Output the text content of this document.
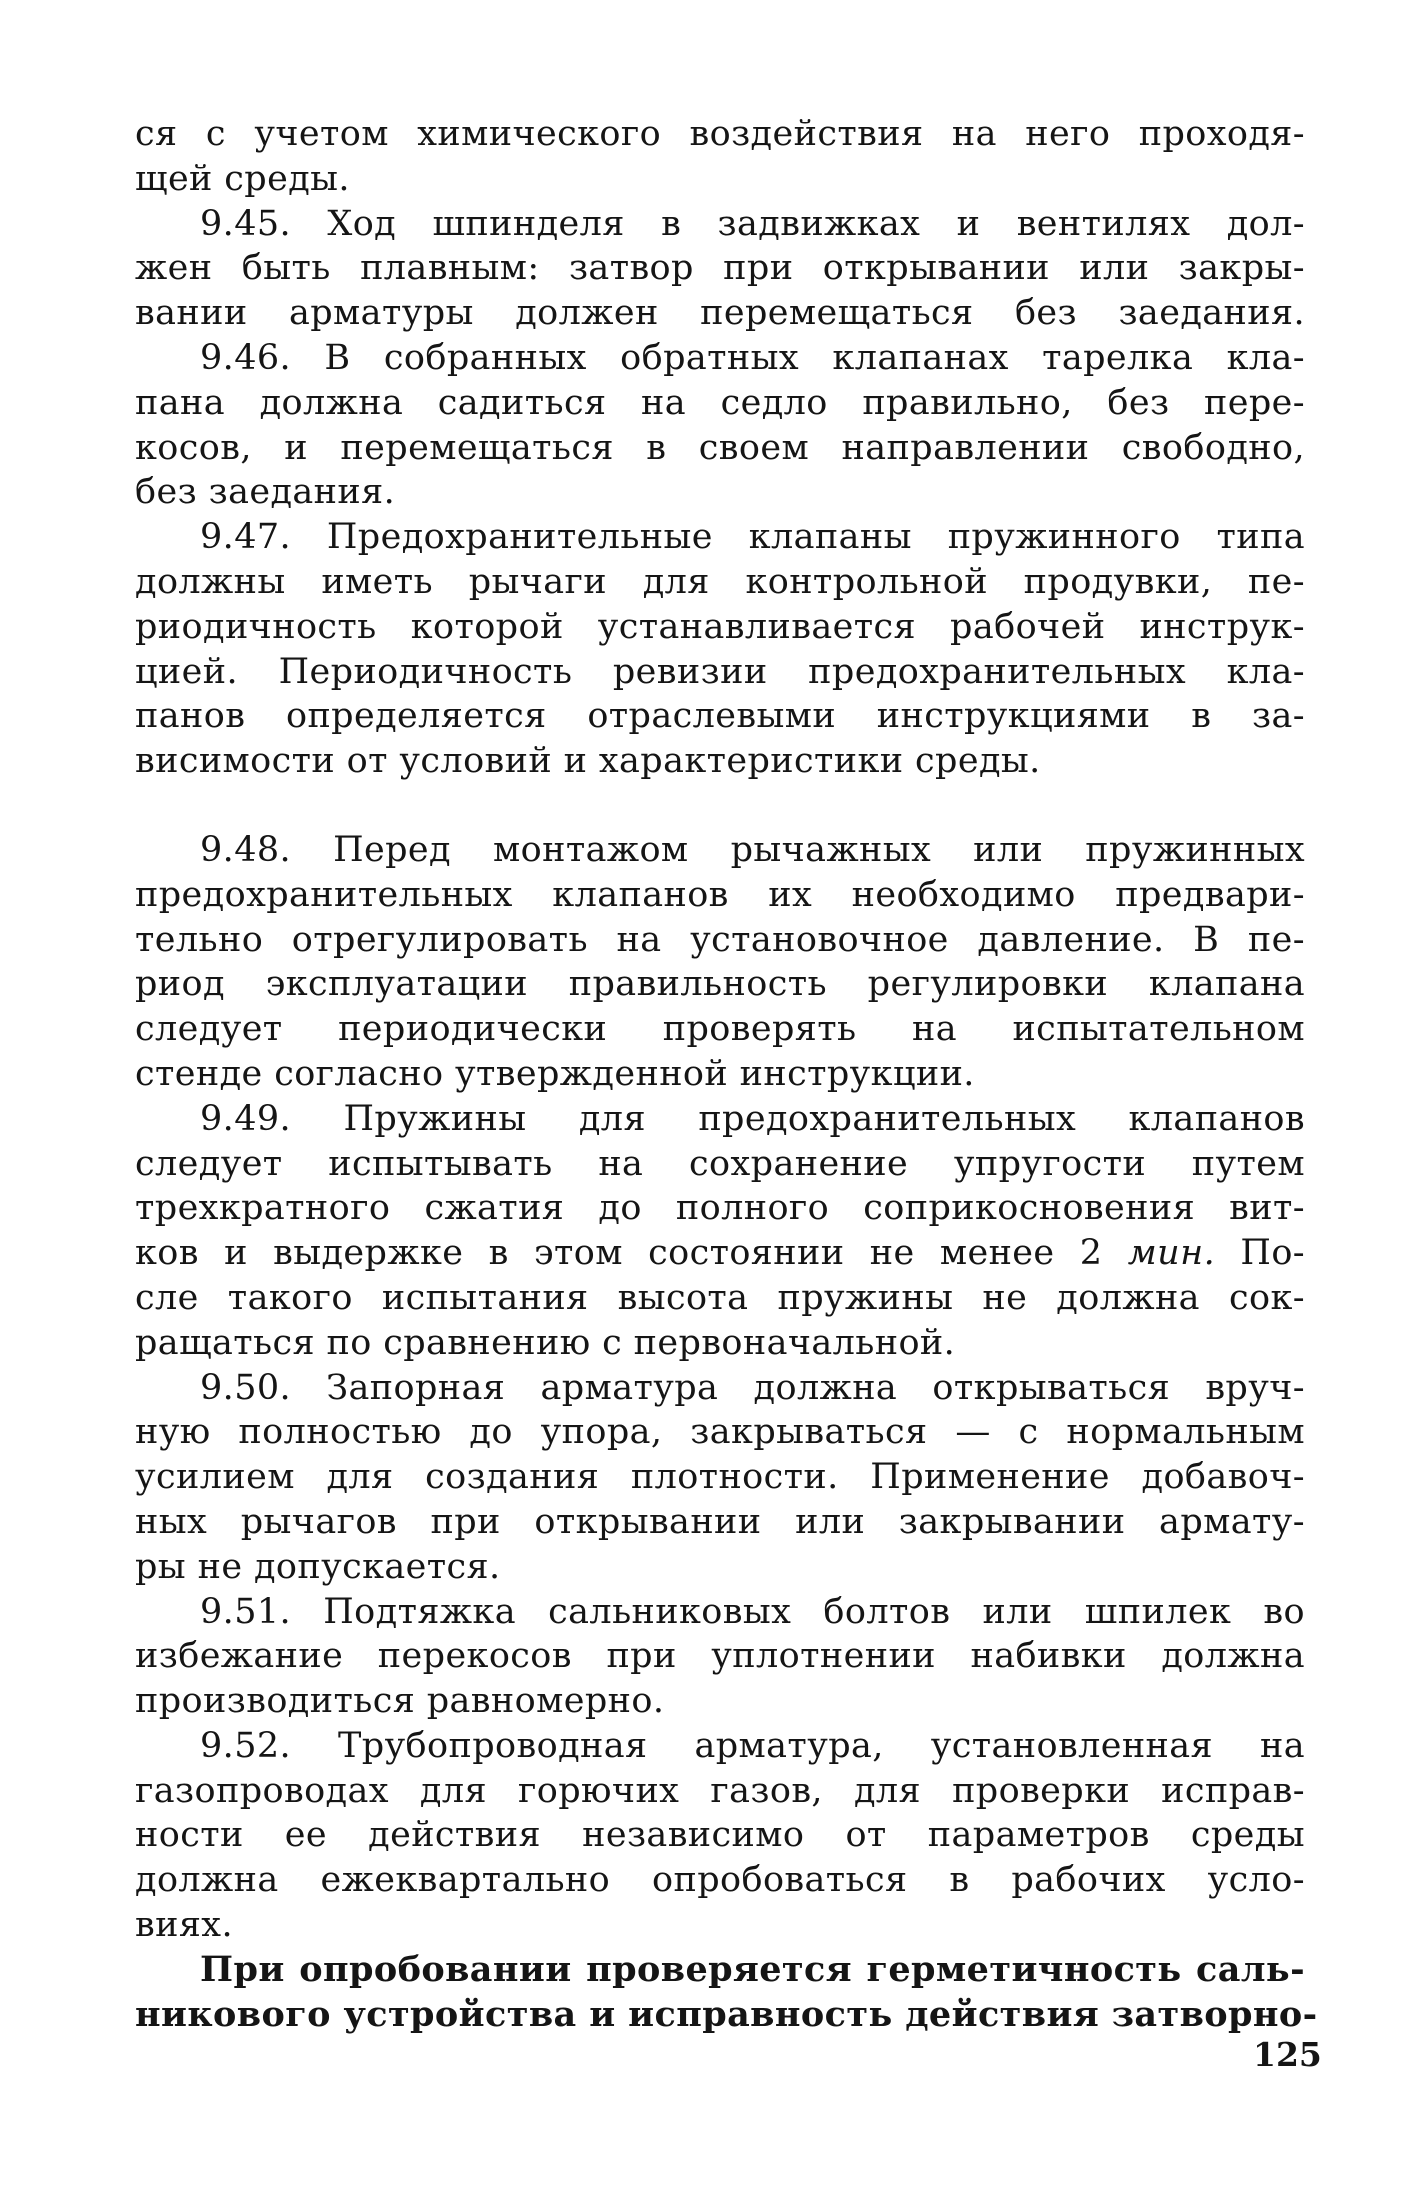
ся с учетом химического воздействия на него проходя-
щей среды.
9.45. Ход шпинделя в задвижках и вентилях дол-
жен быть плавным: затвор при открывании или закры-
вании арматуры должен перемещаться без заедания.
9.46. В собранных обратных клапанах тарелка кла-
пана должна садиться на седло правильно, без пере-
косов, и перемещаться в своем направлении свободно,
без заедания.
9.47. Предохранительные клапаны пружинного типа
должны иметь рычаги для контрольной продувки, пе-
риодичность которой устанавливается рабочей инструк-
цией. Периодичность ревизии предохранительных кла-
панов определяется отраслевыми инструкциями в за-
висимости от условий и характеристики среды.
9.48. Перед монтажом рычажных или пружинных
предохранительных клапанов их необходимо предвари-
тельно отрегулировать на установочное давление. В пе-
риод эксплуатации правильность регулировки клапана
следует периодически проверять на испытательном
стенде согласно утвержденной инструкции.
9.49. Пружины для предохранительных клапанов
следует испытывать на сохранение упругости путем
трехкратного сжатия до полного соприкосновения вит-
ков и выдержке в этом состоянии не менее 2 мин. По-
сле такого испытания высота пружины не должна сок-
ращаться по сравнению с первоначальной.
9.50. Запорная арматура должна открываться вруч-
ную полностью до упора, закрываться — с нормальным
усилием для создания плотности. Применение добавоч-
ных рычагов при открывании или закрывании армату-
ры не допускается.
9.51. Подтяжка сальниковых болтов или шпилек во
избежание перекосов при уплотнении набивки должна
производиться равномерно.
9.52. Трубопроводная арматура, установленная на
газопроводах для горючих газов, для проверки исправ-
ности ее действия независимо от параметров среды
должна ежеквартально опробоваться в рабочих усло-
виях.
При опробовании проверяется герметичность саль-
никового устройства и исправность действия затворно-
125
